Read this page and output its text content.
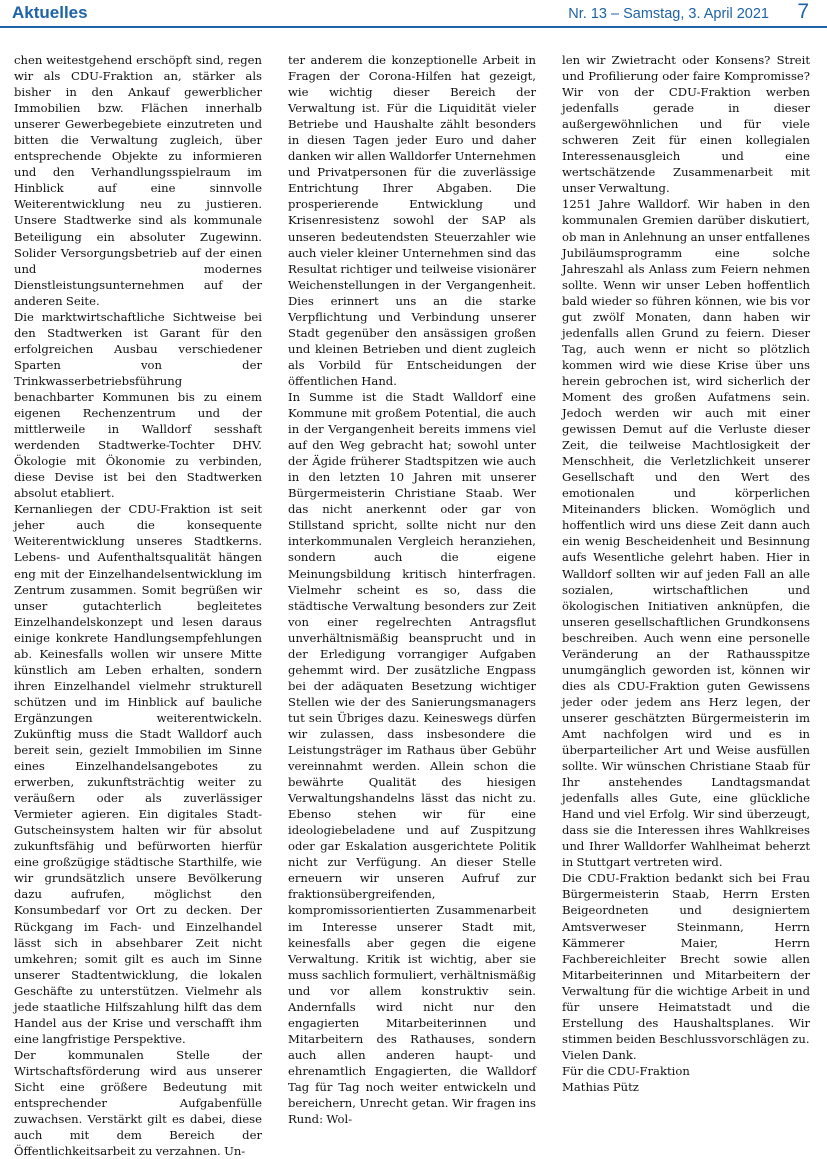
Aktuelles	Nr. 13 – Samstag, 3. April 2021 7

chen weitestgehend erschöpft sind, regen wir als CDU-Fraktion an, stärker als bisher in den Ankauf gewerblicher Immobilien bzw. Flächen innerhalb unserer Gewerbegebiete einzutreten und bitten die Verwaltung zugleich, über entsprechende Objekte zu informieren und den Verhandlungsspielraum im Hinblick auf eine sinnvolle Weiterentwicklung neu zu justieren. Unsere Stadtwerke sind als kommunale Beteiligung ein absoluter Zugewinn. Solider Versorgungsbetrieb auf der einen und modernes Dienstleistungsunternehmen auf der anderen Seite.

Die marktwirtschaftliche Sichtweise bei den Stadtwerken ist Garant für den erfolgreichen Ausbau verschiedener Sparten von der Trinkwasserbetriebsführung benachbarter Kommunen bis zu einem eigenen Rechenzentrum und der mittlerweile in Walldorf sesshaft werdenden Stadtwerke-Tochter DHV. Ökologie mit Ökonomie zu verbinden, diese Devise ist bei den Stadtwerken absolut etabliert.

Kernanliegen der CDU-Fraktion ist seit jeher auch die konsequente Weiterentwicklung unseres Stadtkerns. Lebens- und Aufenthaltsqualität hängen eng mit der Einzelhandelsentwicklung im Zentrum zusammen. Somit begrüßen wir unser gutachterlich begleitetes Einzelhandelskonzept und lesen daraus einige konkrete Handlungsempfehlungen ab. Keinesfalls wollen wir unsere Mitte künstlich am Leben erhalten, sondern ihren Einzelhandel vielmehr strukturell schützen und im Hinblick auf bauliche Ergänzungen weiterentwickeln. Zukünftig muss die Stadt Walldorf auch bereit sein, gezielt Immobilien im Sinne eines Einzelhandelsangebotes zu erwerben, zukunftsträchtig weiter zu veräußern oder als zuverlässiger Vermieter agieren. Ein digitales Stadt-Gutscheinsystem halten wir für absolut zukunftsfähig und befürworten hierfür eine großzügige städtische Starthilfe, wie wir grundsätzlich unsere Bevölkerung dazu aufrufen, möglichst den Konsumbedarf vor Ort zu decken. Der Rückgang im Fach- und Einzelhandel lässt sich in absehbarer Zeit nicht umkehren; somit gilt es auch im Sinne unserer Stadtentwicklung, die lokalen Geschäfte zu unterstützen. Vielmehr als jede staatliche Hilfszahlung hilft das dem Handel aus der Krise und verschafft ihm eine langfristige Perspektive.

Der kommunalen Stelle der Wirtschaftsförderung wird aus unserer Sicht eine größere Bedeutung mit entsprechender Aufgabenfülle zuwachsen. Verstärkt gilt es dabei, diese auch mit dem Bereich der Öffentlichkeitsarbeit zu verzahnen. Un-

ter anderem die konzeptionelle Arbeit in Fragen der Corona-Hilfen hat gezeigt, wie wichtig dieser Bereich der Verwaltung ist. Für die Liquidität vieler Betriebe und Haushalte zählt besonders in diesen Tagen jeder Euro und daher danken wir allen Walldorfer Unternehmen und Privatpersonen für die zuverlässige Entrichtung Ihrer Abgaben. Die prosperierende Entwicklung und Krisenresistenz sowohl der SAP als unseren bedeutendsten Steuerzahler wie auch vieler kleiner Unternehmen sind das Resultat richtiger und teilweise visionärer Weichenstellungen in der Vergangenheit. Dies erinnert uns an die starke Verpflichtung und Verbindung unserer Stadt gegenüber den ansässigen großen und kleinen Betrieben und dient zugleich als Vorbild für Entscheidungen der öffentlichen Hand.

In Summe ist die Stadt Walldorf eine Kommune mit großem Potential, die auch in der Vergangenheit bereits immens viel auf den Weg gebracht hat; sowohl unter der Ägide früherer Stadtspitzen wie auch in den letzten 10 Jahren mit unserer Bürgermeisterin Christiane Staab. Wer das nicht anerkennt oder gar von Stillstand spricht, sollte nicht nur den interkommunalen Vergleich heranziehen, sondern auch die eigene Meinungsbildung kritisch hinterfragen. Vielmehr scheint es so, dass die städtische Verwaltung besonders zur Zeit von einer regelrechten Antragsflut unverhältnismäßig beansprucht und in der Erledigung vorrangiger Aufgaben gehemmt wird. Der zusätzliche Engpass bei der adäquaten Besetzung wichtiger Stellen wie der des Sanierungsmanagers tut sein Übriges dazu. Keineswegs dürfen wir zulassen, dass insbesondere die Leistungsträger im Rathaus über Gebühr vereinnahmt werden. Allein schon die bewährte Qualität des hiesigen Verwaltungshandelns lässt das nicht zu. Ebenso stehen wir für eine ideologiebeladene und auf Zuspitzung oder gar Eskalation ausgerichtete Politik nicht zur Verfügung. An dieser Stelle erneuern wir unseren Aufruf zur fraktionsübergreifenden, kompromissorientierten Zusammenarbeit im Interesse unserer Stadt mit, keinesfalls aber gegen die eigene Verwaltung. Kritik ist wichtig, aber sie muss sachlich formuliert, verhältnismäßig und vor allem konstruktiv sein. Andernfalls wird nicht nur den engagierten Mitarbeiterinnen und Mitarbeitern des Rathauses, sondern auch allen anderen haupt- und ehrenamtlich Engagierten, die Walldorf Tag für Tag noch weiter entwickeln und bereichern, Unrecht getan. Wir fragen ins Rund: Wol-

len wir Zwietracht oder Konsens? Streit und Profilierung oder faire Kompromisse? Wir von der CDU-Fraktion werben jedenfalls gerade in dieser außergewöhnlichen und für viele schweren Zeit für einen kollegialen Interessenausgleich und eine wertschätzende Zusammenarbeit mit unser Verwaltung.

1251 Jahre Walldorf. Wir haben in den kommunalen Gremien darüber diskutiert, ob man in Anlehnung an unser entfallenes Jubiläumsprogramm eine solche Jahreszahl als Anlass zum Feiern nehmen sollte. Wenn wir unser Leben hoffentlich bald wieder so führen können, wie bis vor gut zwölf Monaten, dann haben wir jedenfalls allen Grund zu feiern. Dieser Tag, auch wenn er nicht so plötzlich kommen wird wie diese Krise über uns herein gebrochen ist, wird sicherlich der Moment des großen Aufatmens sein. Jedoch werden wir auch mit einer gewissen Demut auf die Verluste dieser Zeit, die teilweise Machtlosigkeit der Menschheit, die Verletzlichkeit unserer Gesellschaft und den Wert des emotionalen und körperlichen Miteinanders blicken. Womöglich und hoffentlich wird uns diese Zeit dann auch ein wenig Bescheidenheit und Besinnung aufs Wesentliche gelehrt haben. Hier in Walldorf sollten wir auf jeden Fall an alle sozialen, wirtschaftlichen und ökologischen Initiativen anknüpfen, die unseren gesellschaftlichen Grundkonsens beschreiben. Auch wenn eine personelle Veränderung an der Rathausspitze unumgänglich geworden ist, können wir dies als CDU-Fraktion guten Gewissens jeder oder jedem ans Herz legen, der unserer geschätzten Bürgermeisterin im Amt nachfolgen wird und es in überparteilicher Art und Weise ausfüllen sollte. Wir wünschen Christiane Staab für Ihr anstehendes Landtagsmandat jedenfalls alles Gute, eine glückliche Hand und viel Erfolg. Wir sind überzeugt, dass sie die Interessen ihres Wahlkreises und Ihrer Walldorfer Wahlheimat beherzt in Stuttgart vertreten wird.

Die CDU-Fraktion bedankt sich bei Frau Bürgermeisterin Staab, Herrn Ersten Beigeordneten und designiertem Amtsverweser Steinmann, Herrn Kämmerer Maier, Herrn Fachbereichleiter Brecht sowie allen Mitarbeiterinnen und Mitarbeitern der Verwaltung für die wichtige Arbeit in und für unsere Heimatstadt und die Erstellung des Haushaltsplanes. Wir stimmen beiden Beschlussvorschlägen zu.

Vielen Dank.

Für die CDU-Fraktion

Mathias Pütz
